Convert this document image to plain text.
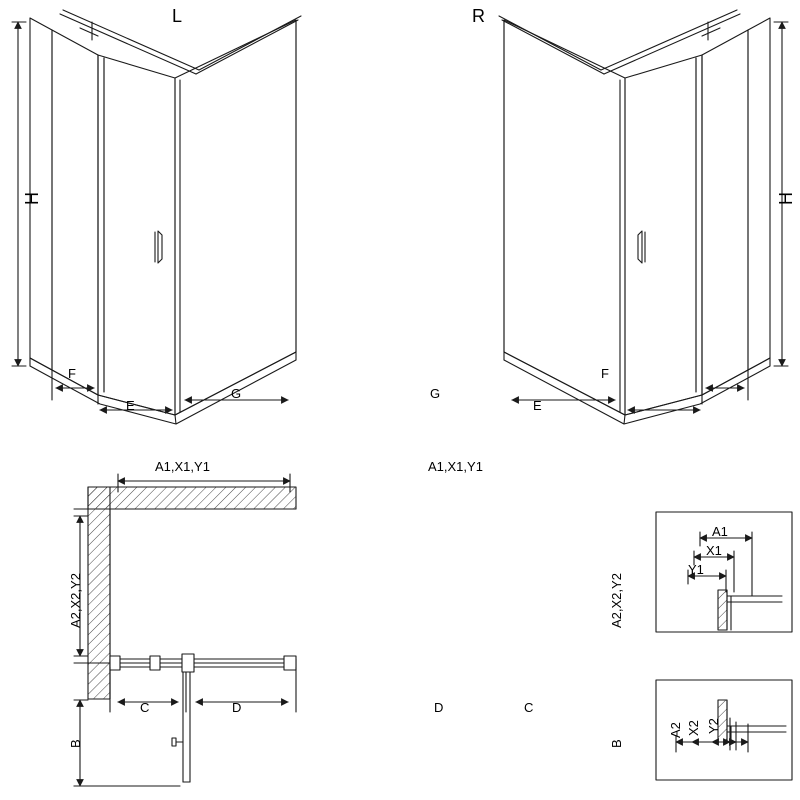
L	R
H	H
F
E
G	G
E
F
A1,X1,Y1	A1,X1,Y1
A2,X2,Y2	A2,X2,Y2
C	D	D	C
B	B
A1
X1
Y1
A2 X2 Y2
